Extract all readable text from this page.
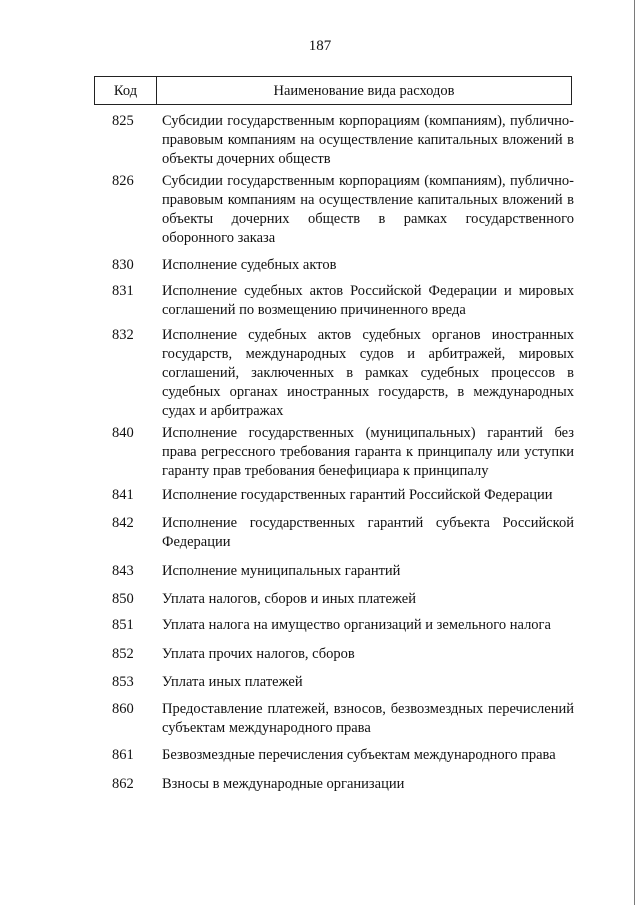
187
Код	Наименование вида расходов
825 Субсидии государственным корпорациям (компаниям), публично-правовым компаниям на осуществление капитальных вложений в объекты дочерних обществ
826 Субсидии государственным корпорациям (компаниям), публично-правовым компаниям на осуществление капитальных вложений в объекты дочерних обществ в рамках государственного оборонного заказа
830 Исполнение судебных актов
831 Исполнение судебных актов Российской Федерации и мировых соглашений по возмещению причиненного вреда
832 Исполнение судебных актов судебных органов иностранных государств, международных судов и арбитражей, мировых соглашений, заключенных в рамках судебных процессов в судебных органах иностранных государств, в международных судах и арбитражах
840 Исполнение государственных (муниципальных) гарантий без права регрессного требования гаранта к принципалу или уступки гаранту прав требования бенефициара к принципалу
841 Исполнение государственных гарантий Российской Федерации
842 Исполнение государственных гарантий субъекта Российской Федерации
843 Исполнение муниципальных гарантий
850 Уплата налогов, сборов и иных платежей
851 Уплата налога на имущество организаций и земельного налога
852 Уплата прочих налогов, сборов
853 Уплата иных платежей
860 Предоставление платежей, взносов, безвозмездных перечислений субъектам международного права
861 Безвозмездные перечисления субъектам международного права
862 Взносы в международные организации
